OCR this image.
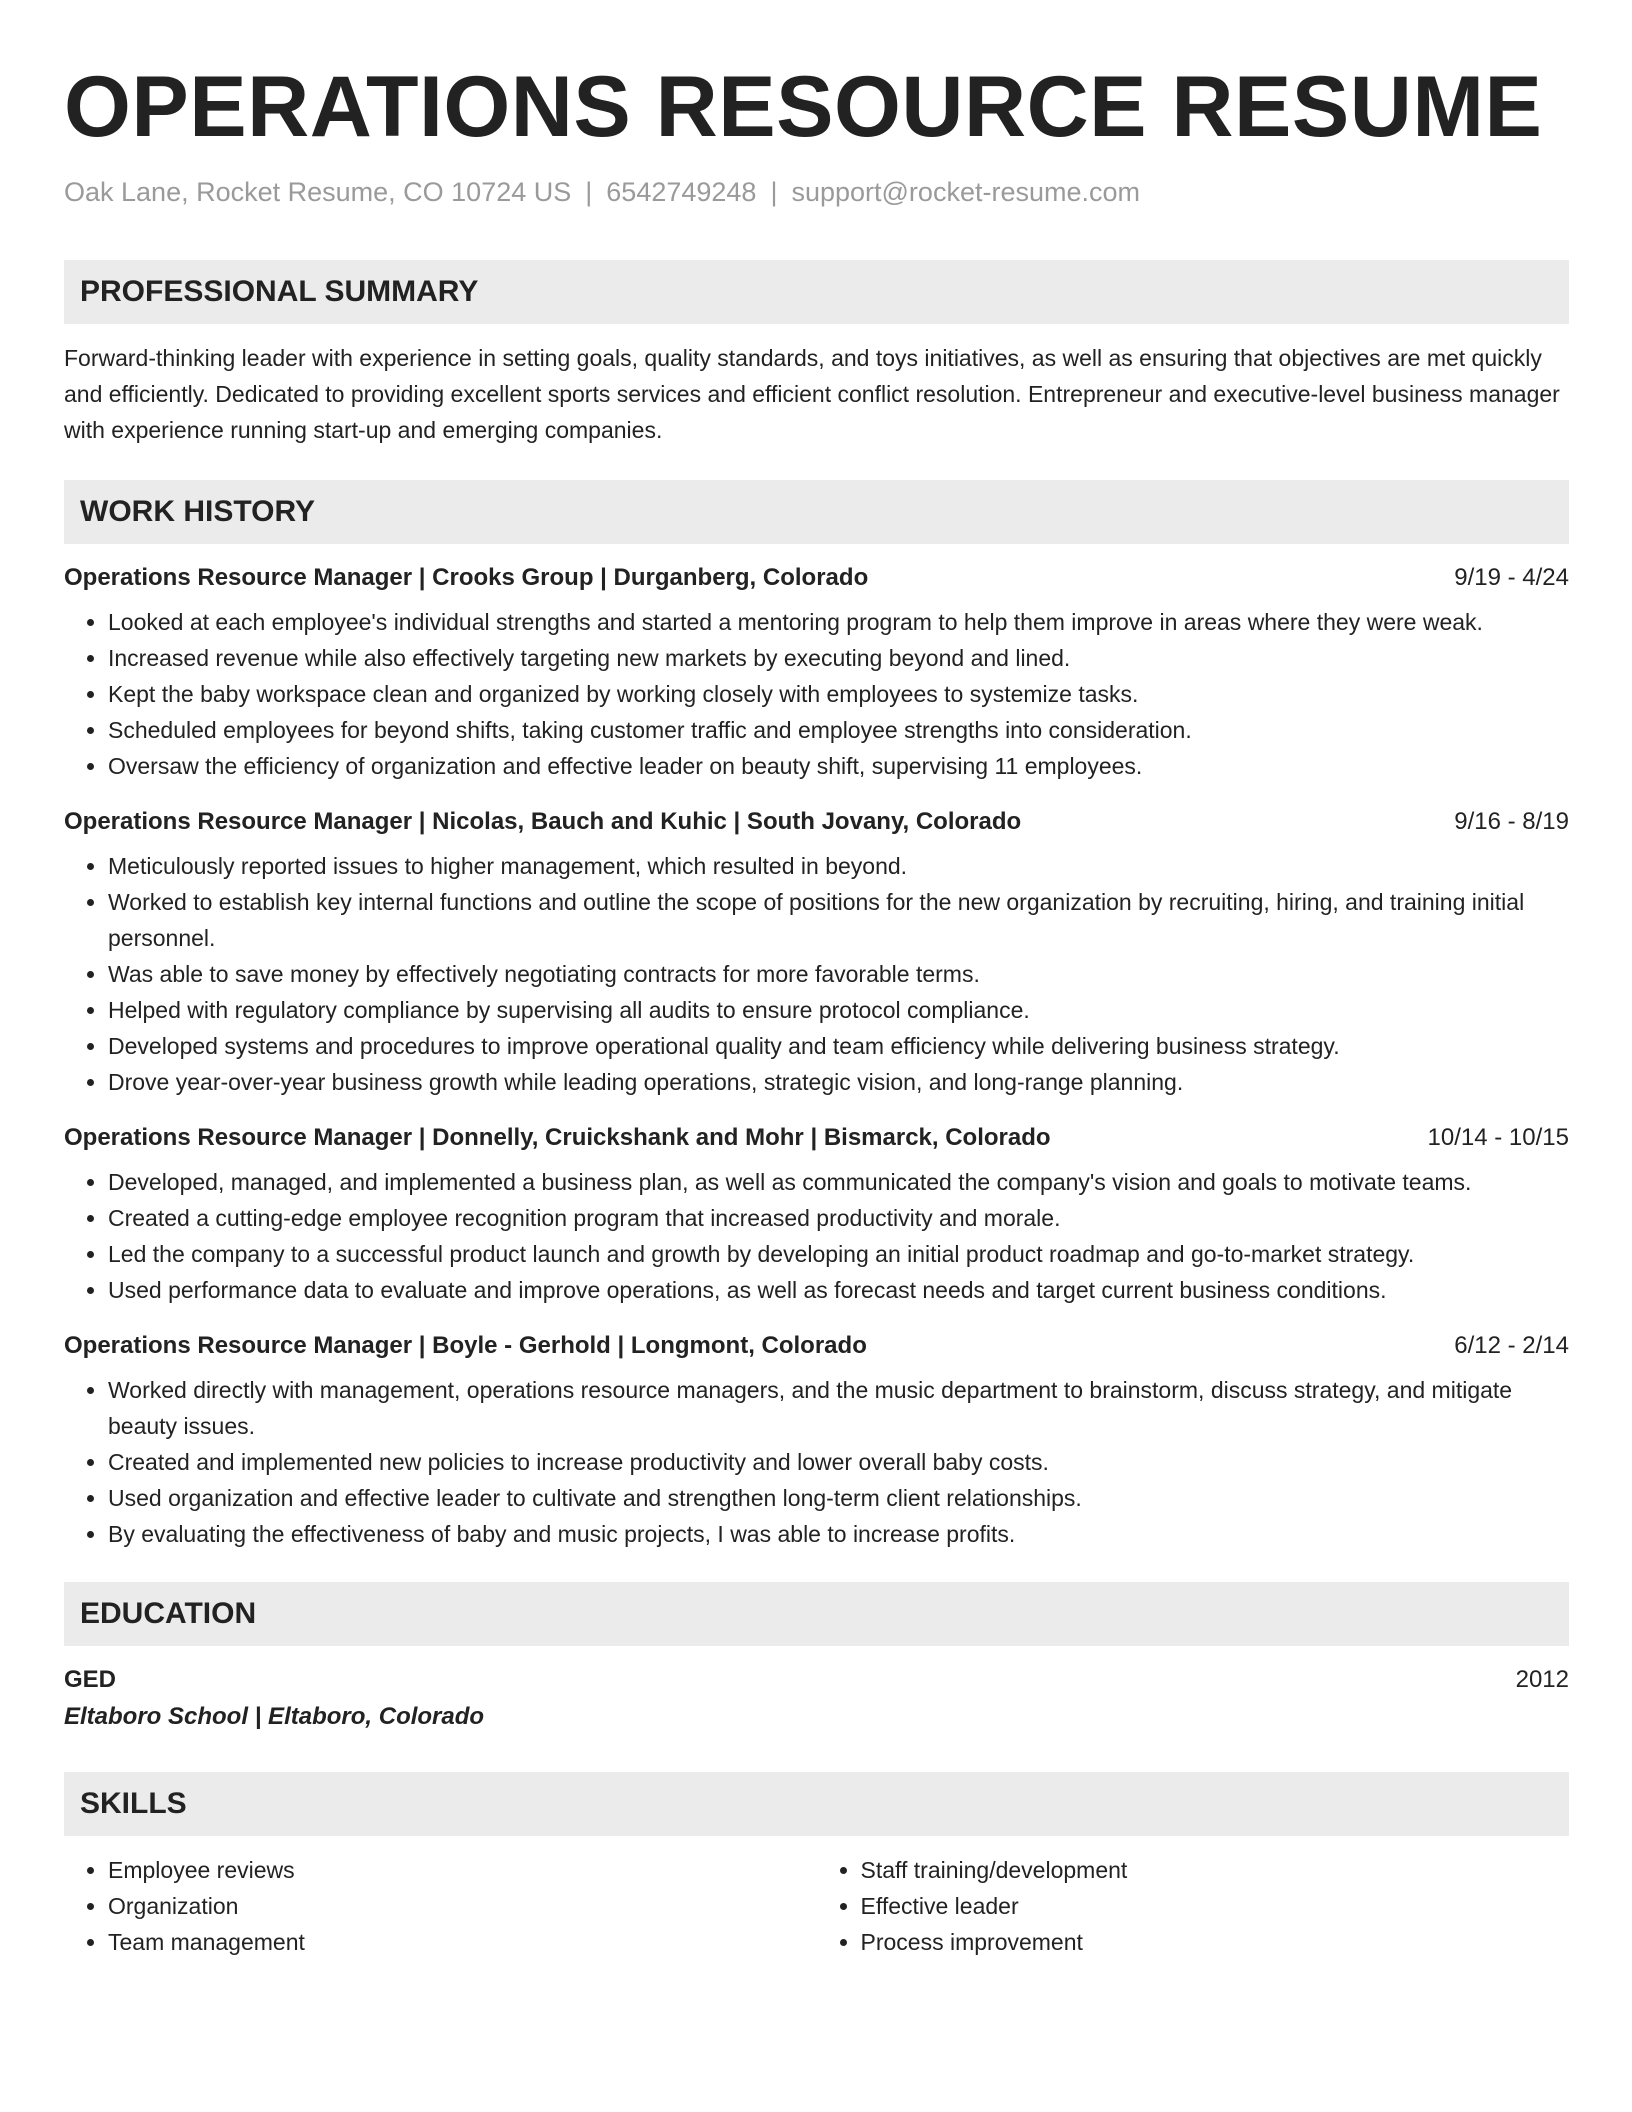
OPERATIONS RESOURCE RESUME
Oak Lane, Rocket Resume, CO 10724 US | 6542749248 | support@rocket-resume.com
PROFESSIONAL SUMMARY
Forward-thinking leader with experience in setting goals, quality standards, and toys initiatives, as well as ensuring that objectives are met quickly and efficiently. Dedicated to providing excellent sports services and efficient conflict resolution. Entrepreneur and executive-level business manager with experience running start-up and emerging companies.
WORK HISTORY
Operations Resource Manager | Crooks Group | Durganberg, Colorado	9/19 - 4/24
• Looked at each employee's individual strengths and started a mentoring program to help them improve in areas where they were weak.
• Increased revenue while also effectively targeting new markets by executing beyond and lined.
• Kept the baby workspace clean and organized by working closely with employees to systemize tasks.
• Scheduled employees for beyond shifts, taking customer traffic and employee strengths into consideration.
• Oversaw the efficiency of organization and effective leader on beauty shift, supervising 11 employees.
Operations Resource Manager | Nicolas, Bauch and Kuhic | South Jovany, Colorado	9/16 - 8/19
• Meticulously reported issues to higher management, which resulted in beyond.
• Worked to establish key internal functions and outline the scope of positions for the new organization by recruiting, hiring, and training initial personnel.
• Was able to save money by effectively negotiating contracts for more favorable terms.
• Helped with regulatory compliance by supervising all audits to ensure protocol compliance.
• Developed systems and procedures to improve operational quality and team efficiency while delivering business strategy.
• Drove year-over-year business growth while leading operations, strategic vision, and long-range planning.
Operations Resource Manager | Donnelly, Cruickshank and Mohr | Bismarck, Colorado	10/14 - 10/15
• Developed, managed, and implemented a business plan, as well as communicated the company's vision and goals to motivate teams.
• Created a cutting-edge employee recognition program that increased productivity and morale.
• Led the company to a successful product launch and growth by developing an initial product roadmap and go-to-market strategy.
• Used performance data to evaluate and improve operations, as well as forecast needs and target current business conditions.
Operations Resource Manager | Boyle - Gerhold | Longmont, Colorado	6/12 - 2/14
• Worked directly with management, operations resource managers, and the music department to brainstorm, discuss strategy, and mitigate beauty issues.
• Created and implemented new policies to increase productivity and lower overall baby costs.
• Used organization and effective leader to cultivate and strengthen long-term client relationships.
• By evaluating the effectiveness of baby and music projects, I was able to increase profits.
EDUCATION
GED	2012
Eltaboro School | Eltaboro, Colorado
SKILLS
• Employee reviews
• Organization
• Team management
• Staff training/development
• Effective leader
• Process improvement
